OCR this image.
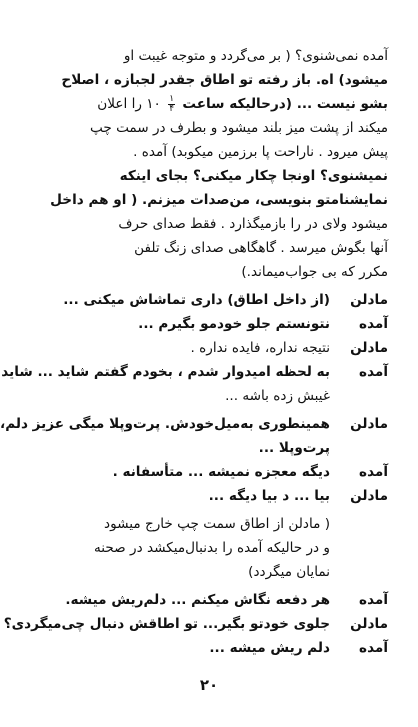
آمده نمی‌شنوی؟ ( بر می‌گردد و متوجه غیبت او
میشود) اه. باز رفته تو اطاق جقدر لجبازه ، اصلاح
بشو نیست ... (درحالیکه ساعت
$\frac{۱}{۴}$
۱۰ را اعلان
میکند از پشت میز بلند میشود و بطرف در سمت چپ
پیش میرود . ناراحت پا برزمین میکوبد) آمده .
نمیشنوی؟ او‌نجا چکار میکنی؟ بجای اینکه
نمایشنامتو بنویسی، من‌صدات میزنم. ( او هم داخل
میشود ولای در را بازمیگذارد . فقط صدای حرف
آنها بگوش میرسد . گاهگاهی صدای زنگ تلفن
مکرر که بی جواب‌میماند.)
مادلن
(از داخل اطاق) داری تماشاش میکنی ...
آمده
نتونستم جلو خودمو بگیرم ...
مادلن
نتیجه نداره، فایده نداره .
آمده
به لحظه امیدوار شدم ، بخودم گفتم شاید ... شاید
غیبش زده باشه ...
مادلن
همینطوری به‌میل‌خودش. پرت‌وپلا میگی عزیز دلم،
پرت‌وپلا ...
آمده
دیگه معجزه نمیشه ... متأسفانه .
مادلن
بیا ... د بیا دیگه ...
( مادلن از اطاق سمت چپ خارج میشود
و در حالیکه آمده را بدنبال‌میکشد در صحنه
نمایان میگردد)
آمده
هر دفعه نگاش میکنم ... دلم‌ریش میشه.
مادلن
جلوی خودتو بگیر... تو اطاقش دنبال چی‌میگردی؟
آمده
دلم ریش میشه ...
۲۰
